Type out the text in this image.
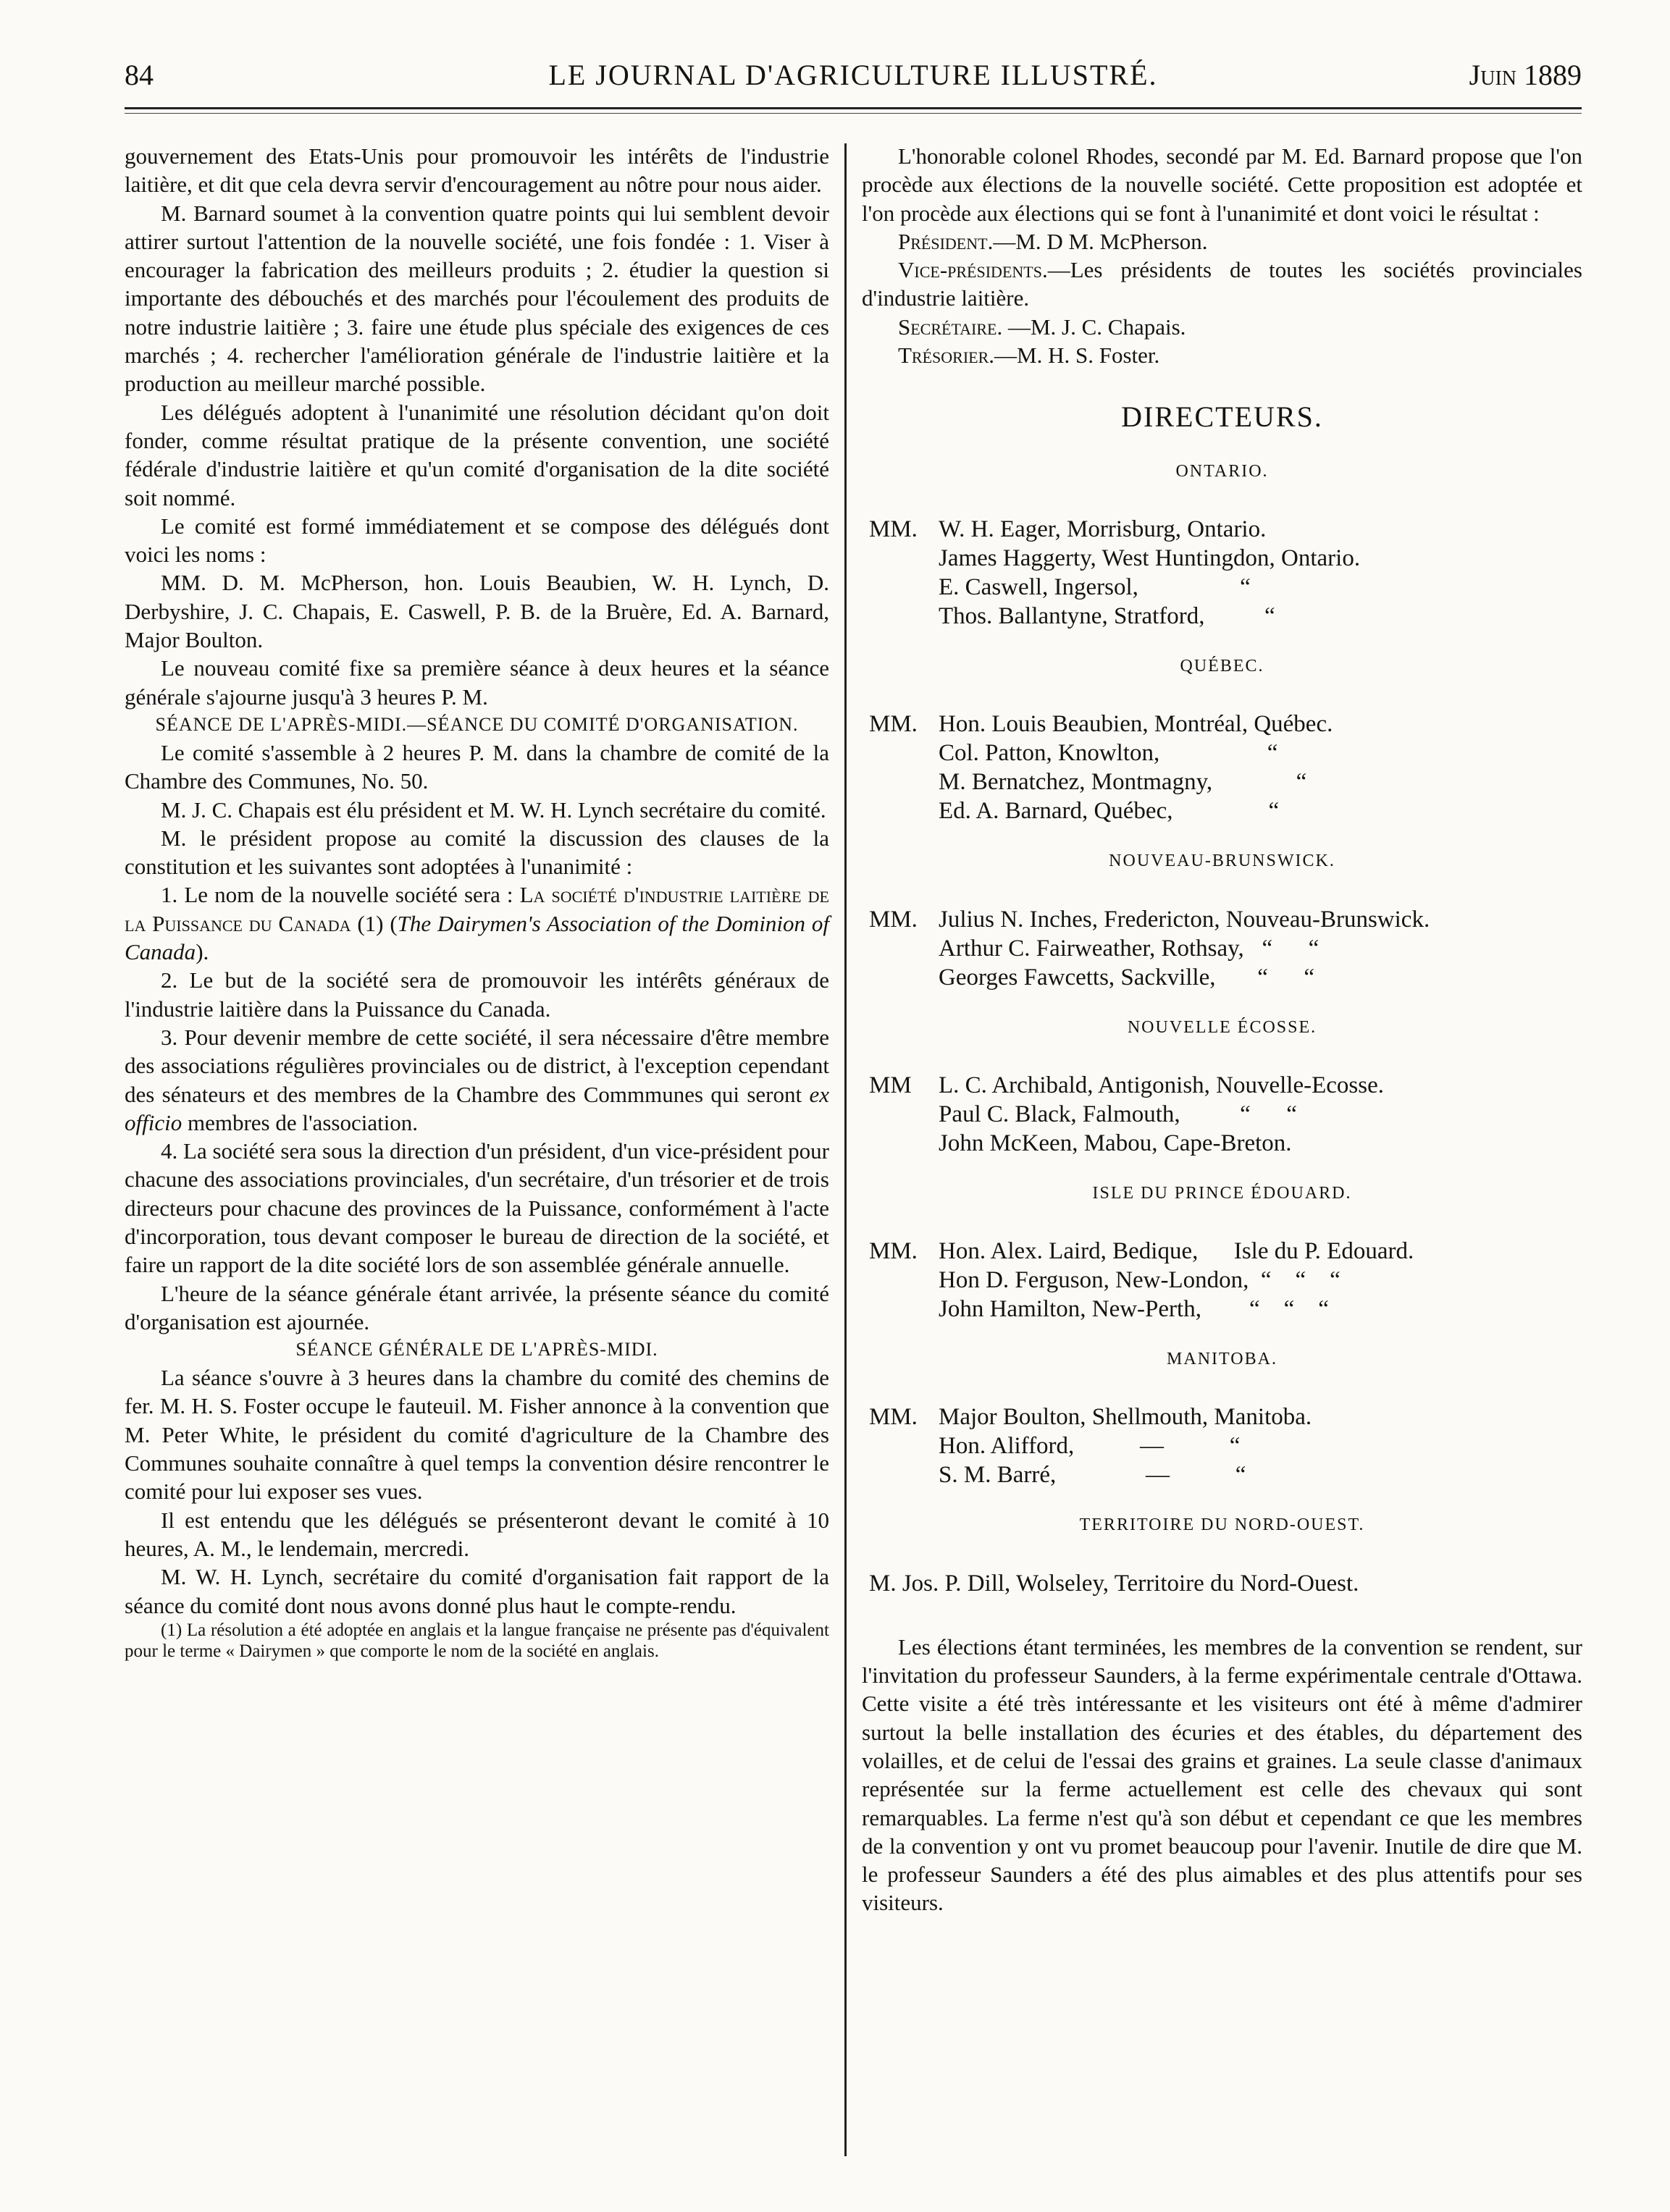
84	LE JOURNAL D'AGRICULTURE ILLUSTRÉ.	Juin 1889

gouvernement des Etats-Unis pour promouvoir les intérêts de l'industrie laitière, et dit que cela devra servir d'encouragement au nôtre pour nous aider.

M. Barnard soumet à la convention quatre points qui lui semblent devoir attirer surtout l'attention de la nouvelle société, une fois fondée : 1. Viser à encourager la fabrication des meilleurs produits ; 2. étudier la question si importante des débouchés et des marchés pour l'écoulement des produits de notre industrie laitière ; 3. faire une étude plus spéciale des exigences de ces marchés ; 4. rechercher l'amélioration générale de l'industrie laitière et la production au meilleur marché possible.

Les délégués adoptent à l'unanimité une résolution décidant qu'on doit fonder, comme résultat pratique de la présente convention, une société fédérale d'industrie laitière et qu'un comité d'organisation de la dite société soit nommé.

Le comité est formé immédiatement et se compose des délégués dont voici les noms :

MM. D. M. McPherson, hon. Louis Beaubien, W. H. Lynch, D. Derbyshire, J. C. Chapais, E. Caswell, P. B. de la Bruère, Ed. A. Barnard, Major Boulton.

Le nouveau comité fixe sa première séance à deux heures et la séance générale s'ajourne jusqu'à 3 heures P. M.

SÉANCE DE L'APRÈS-MIDI.—SÉANCE DU COMITÉ D'ORGANISATION.

Le comité s'assemble à 2 heures P. M. dans la chambre de comité de la Chambre des Communes, No. 50.

M. J. C. Chapais est élu président et M. W. H. Lynch secrétaire du comité.

M. le président propose au comité la discussion des clauses de la constitution et les suivantes sont adoptées à l'unanimité :

1. Le nom de la nouvelle société sera : La société d'industrie laitière de la Puissance du Canada (1) (The Dairymen's Association of the Dominion of Canada).

2. Le but de la société sera de promouvoir les intérêts généraux de l'industrie laitière dans la Puissance du Canada.

3. Pour devenir membre de cette société, il sera nécessaire d'être membre des associations régulières provinciales ou de district, à l'exception cependant des sénateurs et des membres de la Chambre des Commmunes qui seront ex officio membres de l'association.

4. La société sera sous la direction d'un président, d'un vice-président pour chacune des associations provinciales, d'un secrétaire, d'un trésorier et de trois directeurs pour chacune des provinces de la Puissance, conformément à l'acte d'incorporation, tous devant composer le bureau de direction de la société, et faire un rapport de la dite société lors de son assemblée générale annuelle.

L'heure de la séance générale étant arrivée, la présente séance du comité d'organisation est ajournée.

SÉANCE GÉNÉRALE DE L'APRÈS-MIDI.

La séance s'ouvre à 3 heures dans la chambre du comité des chemins de fer. M. H. S. Foster occupe le fauteuil. M. Fisher annonce à la convention que M. Peter White, le président du comité d'agriculture de la Chambre des Communes souhaite connaître à quel temps la convention désire rencontrer le comité pour lui exposer ses vues.

Il est entendu que les délégués se présenteront devant le comité à 10 heures, A. M., le lendemain, mercredi.

M. W. H. Lynch, secrétaire du comité d'organisation fait rapport de la séance du comité dont nous avons donné plus haut le compte-rendu.

(1) La résolution a été adoptée en anglais et la langue française ne présente pas d'équivalent pour le terme « Dairymen » que comporte le nom de la société en anglais.

L'honorable colonel Rhodes, secondé par M. Ed. Barnard propose que l'on procède aux élections de la nouvelle société. Cette proposition est adoptée et l'on procède aux élections qui se font à l'unanimité et dont voici le résultat :

Président.—M. D M. McPherson.

Vice-présidents.—Les présidents de toutes les sociétés provinciales d'industrie laitière.

Secrétaire. —M. J. C. Chapais.

Trésorier.—M. H. S. Foster.

DIRECTEURS.
ONTARIO.
MM. W. H. Eager, Morrisburg, Ontario.
James Haggerty, West Huntingdon, Ontario.
E. Caswell, Ingersol,                 “
Thos. Ballantyne, Stratford,          “
QUÉBEC.
MM. Hon. Louis Beaubien, Montréal, Québec.
Col. Patton, Knowlton,                  “
M. Bernatchez, Montmagny,              “
Ed. A. Barnard, Québec,                “
NOUVEAU-BRUNSWICK.
MM. Julius N. Inches, Fredericton, Nouveau-Brunswick.
Arthur C. Fairweather, Rothsay,   “      “
Georges Fawcetts, Sackville,       “      “
NOUVELLE ÉCOSSE.
MM	L. C. Archibald, Antigonish, Nouvelle-Ecosse.
Paul C. Black, Falmouth,          “      “
John McKeen, Mabou, Cape-Breton.
ISLE DU PRINCE ÉDOUARD.
MM. Hon. Alex. Laird, Bedique,      Isle du P. Edouard.
Hon D. Ferguson, New-London,  “    “    “
John Hamilton, New-Perth,        “    “    “
MANITOBA.
MM. Major Boulton, Shellmouth, Manitoba.
Hon. Alifford,           —           “
S. M. Barré,               —           “
TERRITOIRE DU NORD-OUEST.
M. Jos. P. Dill, Wolseley, Territoire du Nord-Ouest.

Les élections étant terminées, les membres de la convention se rendent, sur l'invitation du professeur Saunders, à la ferme expérimentale centrale d'Ottawa. Cette visite a été très intéressante et les visiteurs ont été à même d'admirer surtout la belle installation des écuries et des étables, du département des volailles, et de celui de l'essai des grains et graines. La seule classe d'animaux représentée sur la ferme actuellement est celle des chevaux qui sont remarquables. La ferme n'est qu'à son début et cependant ce que les membres de la convention y ont vu promet beaucoup pour l'avenir. Inutile de dire que M. le professeur Saunders a été des plus aimables et des plus attentifs pour ses visiteurs.
